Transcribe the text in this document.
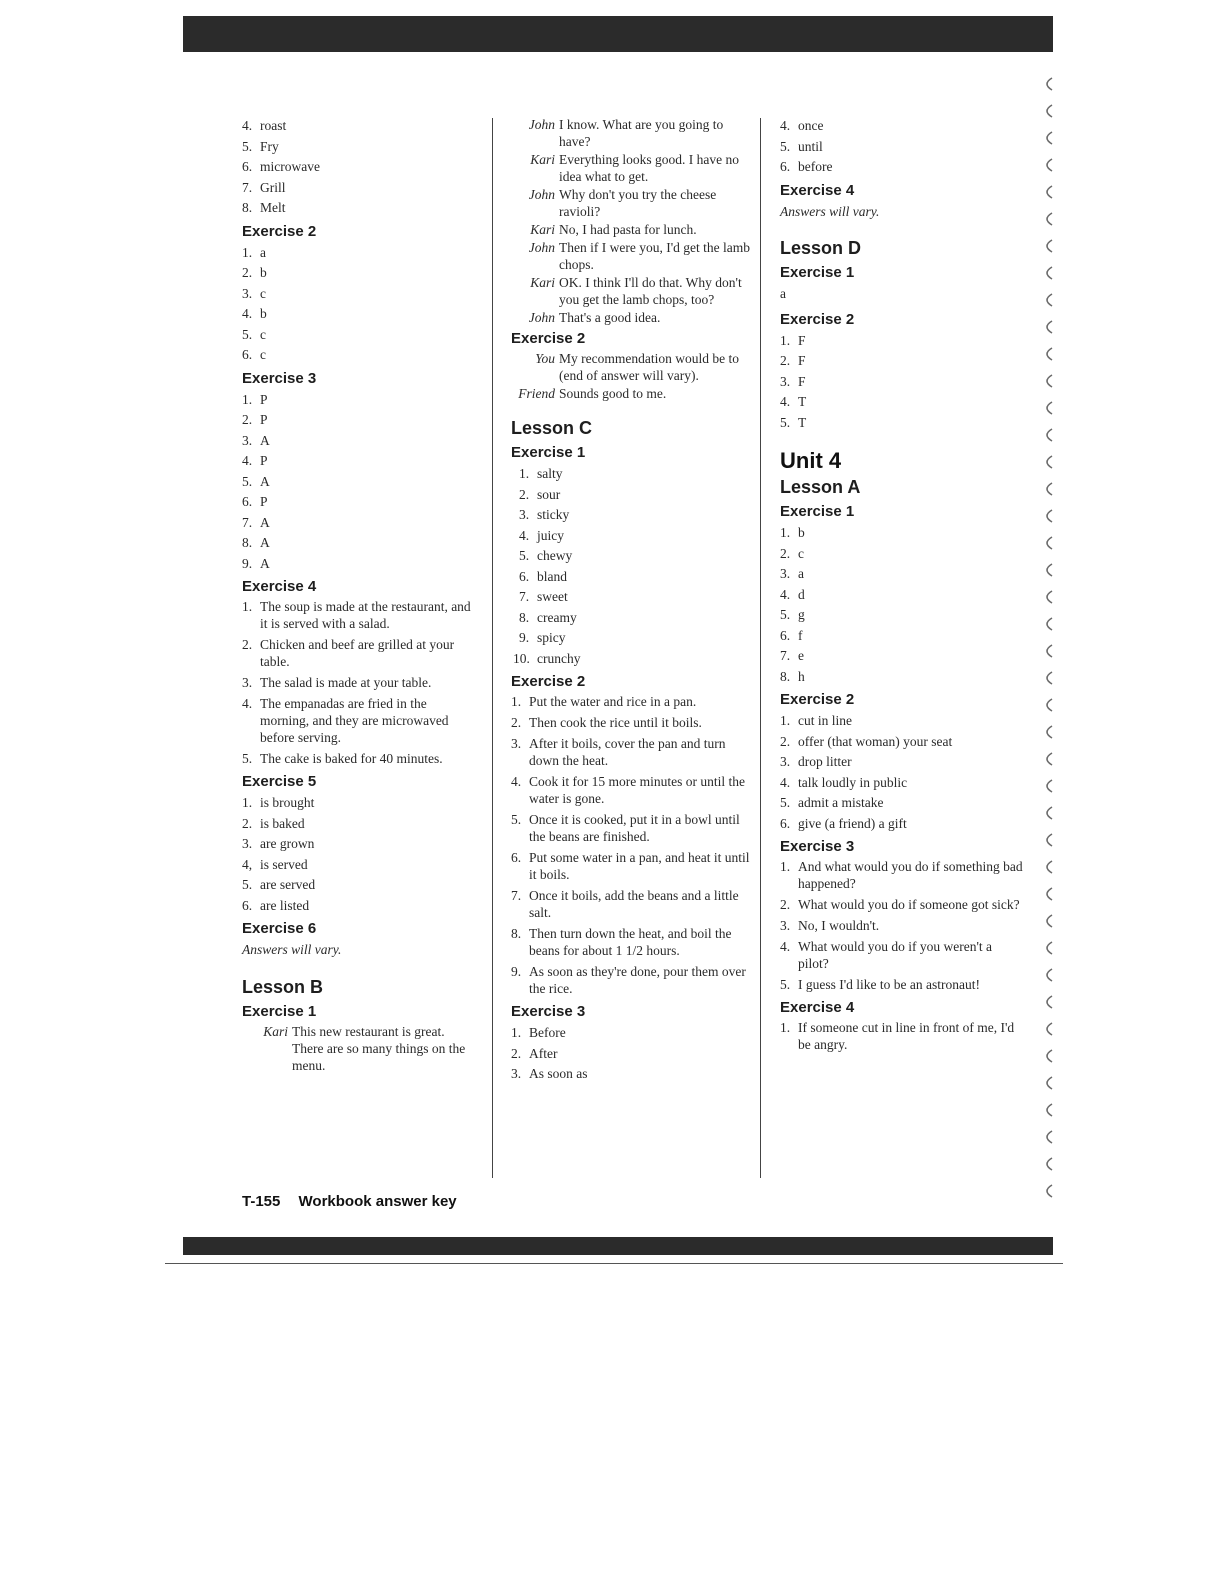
4. roast
5. Fry
6. microwave
7. Grill
8. Melt
Exercise 2
1. a
2. b
3. c
4. b
5. c
6. c
Exercise 3
1. P
2. P
3. A
4. P
5. A
6. P
7. A
8. A
9. A
Exercise 4
1. The soup is made at the restaurant, and it is served with a salad.
2. Chicken and beef are grilled at your table.
3. The salad is made at your table.
4. The empanadas are fried in the morning, and they are microwaved before serving.
5. The cake is baked for 40 minutes.
Exercise 5
1. is brought
2. is baked
3. are grown
4, is served
5. are served
6. are listed
Exercise 6
Answers will vary.
Lesson B
Exercise 1
Kari This new restaurant is great. There are so many things on the menu.
John I know. What are you going to have?
Kari Everything looks good. I have no idea what to get.
John Why don't you try the cheese ravioli?
Kari No, I had pasta for lunch.
John Then if I were you, I'd get the lamb chops.
Kari OK. I think I'll do that. Why don't you get the lamb chops, too?
John That's a good idea.
Exercise 2
You My recommendation would be to (end of answer will vary).
Friend Sounds good to me.
Lesson C
Exercise 1
1. salty
2. sour
3. sticky
4. juicy
5. chewy
6. bland
7. sweet
8. creamy
9. spicy
10. crunchy
Exercise 2
1. Put the water and rice in a pan.
2. Then cook the rice until it boils.
3. After it boils, cover the pan and turn down the heat.
4. Cook it for 15 more minutes or until the water is gone.
5. Once it is cooked, put it in a bowl until the beans are finished.
6. Put some water in a pan, and heat it until it boils.
7. Once it boils, add the beans and a little salt.
8. Then turn down the heat, and boil the beans for about 1 1/2 hours.
9. As soon as they're done, pour them over the rice.
Exercise 3
1. Before
2. After
3. As soon as
4. once
5. until
6. before
Exercise 4
Answers will vary.
Lesson D
Exercise 1
a
Exercise 2
1. F
2. F
3. F
4. T
5. T
Unit 4
Lesson A
Exercise 1
1. b
2. c
3. a
4. d
5. g
6. f
7. e
8. h
Exercise 2
1. cut in line
2. offer (that woman) your seat
3. drop litter
4. talk loudly in public
5. admit a mistake
6. give (a friend) a gift
Exercise 3
1. And what would you do if something bad happened?
2. What would you do if someone got sick?
3. No, I wouldn't.
4. What would you do if you weren't a pilot?
5. I guess I'd like to be an astronaut!
Exercise 4
1. If someone cut in line in front of me, I'd be angry.
T-155 Workbook answer key
